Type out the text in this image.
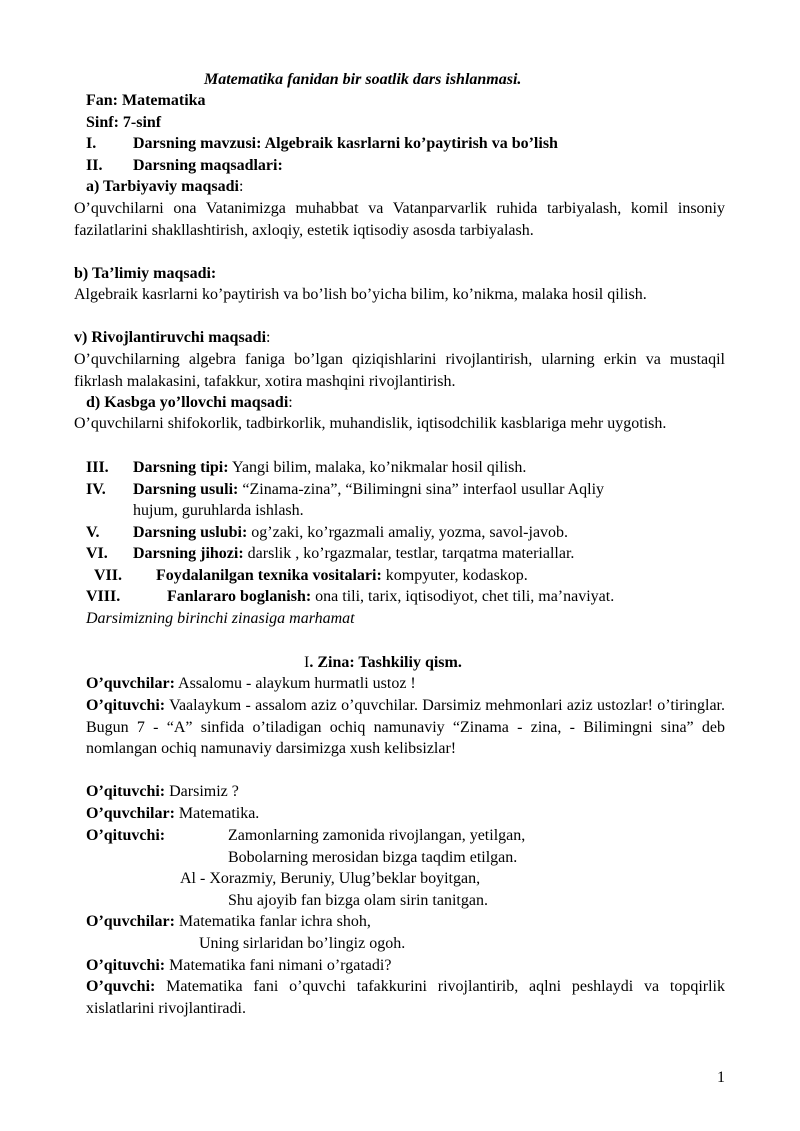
Matematika fanidan bir soatlik dars ishlanmasi.
Fan: Matematika
Sinf: 7-sinf
I. Darsning mavzusi: Algebraik kasrlarni ko’paytirish va bo’lish
II. Darsning maqsadlari:
a) Tarbiyaviy maqsadi:
O’quvchilarni ona Vatanimizga muhabbat va Vatanparvarlik ruhida tarbiyalash, komil insoniy fazilatlarini shakllashtirish, axloqiy, estetik iqtisodiy asosda tarbiyalash.
b) Ta’limiy maqsadi:
Algebraik kasrlarni ko’paytirish va bo’lish bo’yicha bilim, ko’nikma, malaka hosil qilish.
v) Rivojlantiruvchi maqsadi:
O’quvchilarning algebra faniga bo’lgan qiziqishlarini rivojlantirish, ularning erkin va mustaqil fikrlash malakasini, tafakkur, xotira mashqini rivojlantirish.
d) Kasbga yo’llovchi maqsadi:
O’quvchilarni shifokorlik, tadbirkorlik, muhandislik, iqtisodchilik kasblariga mehr uygotish.
III. Darsning tipi: Yangi bilim, malaka, ko’nikmalar hosil qilish.
IV. Darsning usuli: “Zinama-zina”, “Bilimingni sina” interfaol usullar Aqliy
hujum, guruhlarda ishlash.
V. Darsning uslubi: og’zaki, ko’rgazmali amaliy, yozma, savol-javob.
VI. Darsning jihozi: darslik , ko’rgazmalar, testlar, tarqatma materiallar.
VII. Foydalanilgan texnika vositalari: kompyuter, kodaskop.
VIII.	Fanlararo boglanish: ona tili, tarix, iqtisodiyot, chet tili, ma’naviyat.
Darsimizning birinchi zinasiga marhamat
I. Zina: Tashkiliy qism.
O’quvchilar: Assalomu - alaykum hurmatli ustoz !
O’qituvchi: Vaalaykum - assalom aziz o’quvchilar. Darsimiz mehmonlari aziz ustozlar! o’tiringlar. Bugun 7 - “A” sinfida o’tiladigan ochiq namunaviy “Zinama - zina, - Bilimingni sina” deb nomlangan ochiq namunaviy darsimizga xush kelibsizlar!
O’qituvchi: Darsimiz ?
O’quvchilar: Matematika.
O’qituvchi:	Zamonlarning zamonida rivojlangan, yetilgan,
Bobolarning merosidan bizga taqdim etilgan.
Al - Xorazmiy, Beruniy, Ulug’beklar boyitgan,
Shu ajoyib fan bizga olam sirin tanitgan.
O’quvchilar: Matematika fanlar ichra shoh,
Uning sirlaridan bo’lingiz ogoh.
O’qituvchi: Matematika fani nimani o’rgatadi?
O’quvchi: Matematika fani o’quvchi tafakkurini rivojlantirib, aqlni peshlaydi va topqirlik xislatlarini rivojlantiradi.
1
